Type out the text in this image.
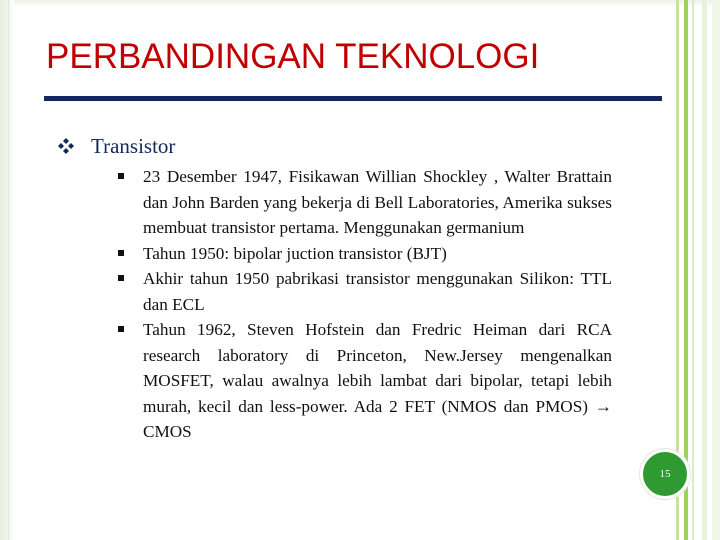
PERBANDINGAN TEKNOLOGI
Transistor
23 Desember 1947, Fisikawan Willian Shockley , Walter Brattain dan John Barden yang bekerja di Bell Laboratories, Amerika sukses membuat transistor pertama. Menggunakan germanium
Tahun 1950: bipolar juction transistor (BJT)
Akhir tahun 1950 pabrikasi transistor menggunakan Silikon: TTL dan ECL
Tahun 1962, Steven Hofstein dan Fredric Heiman dari RCA research laboratory di Princeton, New.Jersey mengenalkan MOSFET, walau awalnya lebih lambat dari bipolar, tetapi lebih murah, kecil dan less-power. Ada 2 FET (NMOS dan PMOS) → CMOS
15
